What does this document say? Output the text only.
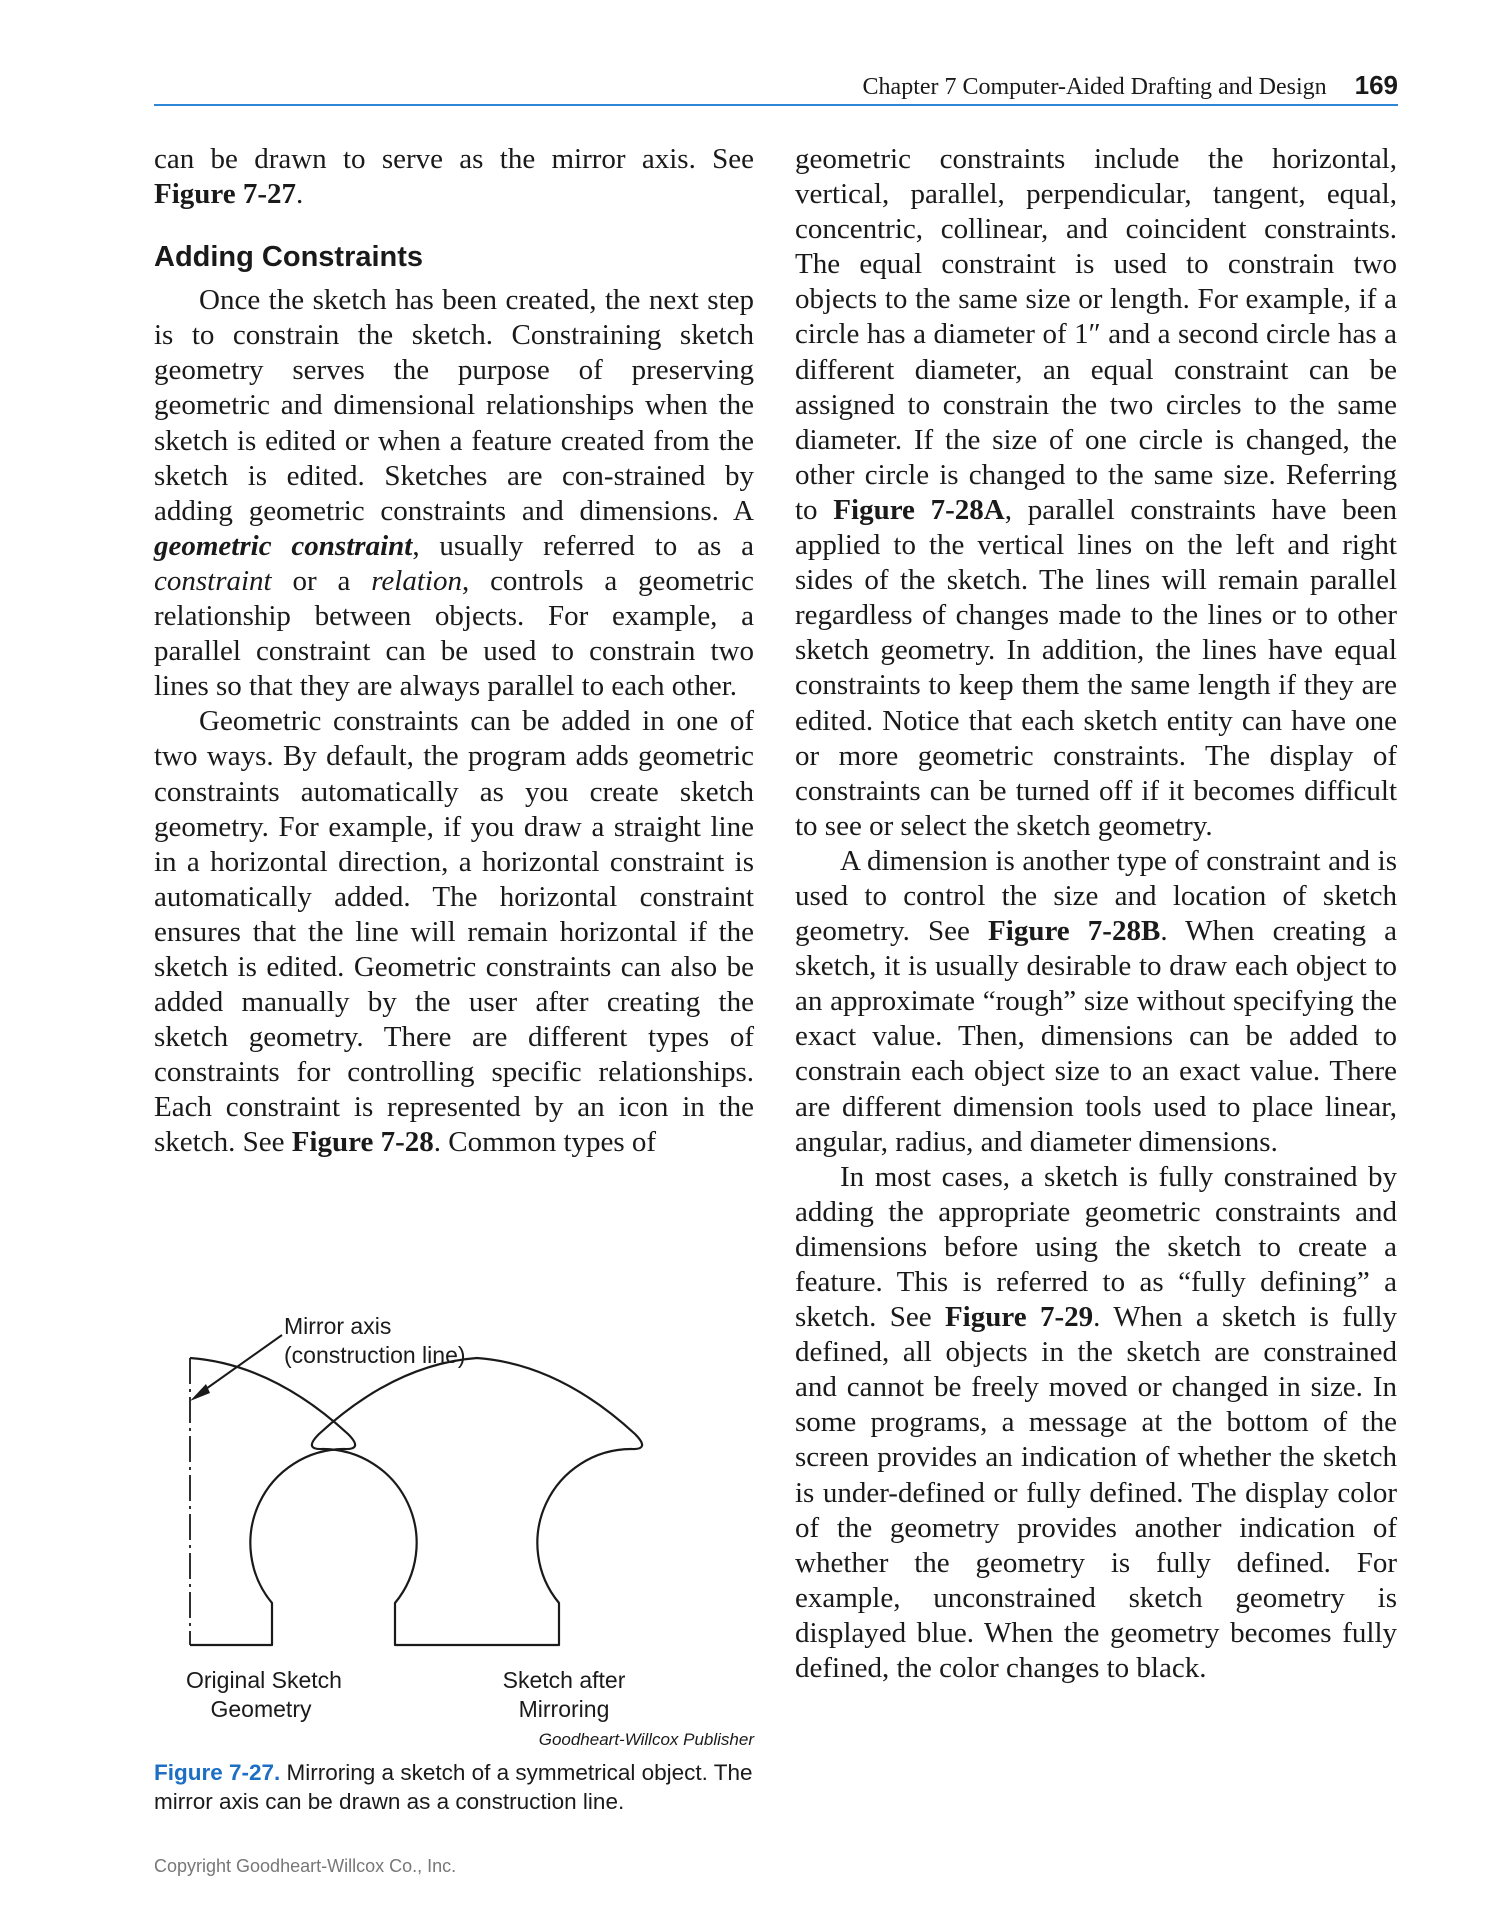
Chapter 7 Computer-Aided Drafting and Design 169

can be drawn to serve as the mirror axis. See Figure 7-27.

Adding Constraints

Once the sketch has been created, the next step is to constrain the sketch. Constraining sketch geometry serves the purpose of preserving geometric and dimensional relationships when the sketch is edited or when a feature created from the sketch is edited. Sketches are con-strained by adding geometric constraints and dimensions. A geometric constraint, usually referred to as a constraint or a relation, controls a geometric relationship between objects. For example, a parallel constraint can be used to constrain two lines so that they are always parallel to each other.

Geometric constraints can be added in one of two ways. By default, the program adds geometric constraints automatically as you create sketch geometry. For example, if you draw a straight line in a horizontal direction, a horizontal constraint is automatically added. The horizontal constraint ensures that the line will remain horizontal if the sketch is edited. Geometric constraints can also be added manually by the user after creating the sketch geometry. There are different types of constraints for controlling specific relationships. Each constraint is represented by an icon in the sketch. See Figure 7-28. Common types of

geometric constraints include the horizontal, vertical, parallel, perpendicular, tangent, equal, concentric, collinear, and coincident constraints. The equal constraint is used to constrain two objects to the same size or length. For example, if a circle has a diameter of 1″ and a second circle has a different diameter, an equal constraint can be assigned to constrain the two circles to the same diameter. If the size of one circle is changed, the other circle is changed to the same size. Referring to Figure 7-28A, parallel constraints have been applied to the vertical lines on the left and right sides of the sketch. The lines will remain parallel regardless of changes made to the lines or to other sketch geometry. In addition, the lines have equal constraints to keep them the same length if they are edited. Notice that each sketch entity can have one or more geometric constraints. The display of constraints can be turned off if it becomes difficult to see or select the sketch geometry.

A dimension is another type of constraint and is used to control the size and location of sketch geometry. See Figure 7-28B. When creating a sketch, it is usually desirable to draw each object to an approximate “rough” size without specifying the exact value. Then, dimensions can be added to constrain each object size to an exact value. There are different dimension tools used to place linear, angular, radius, and diameter dimensions.

In most cases, a sketch is fully constrained by adding the appropriate geometric constraints and dimensions before using the sketch to create a feature. This is referred to as “fully defining” a sketch. See Figure 7-29. When a sketch is fully defined, all objects in the sketch are constrained and cannot be freely moved or changed in size. In some programs, a message at the bottom of the screen provides an indication of whether the sketch is under-defined or fully defined. The display color of the geometry provides another indication of whether the geometry is fully defined. For example, unconstrained sketch geometry is displayed blue. When the geometry becomes fully defined, the color changes to black.

Mirror axis
(construction line)
Original Sketch
Geometry
Sketch after
Mirroring
Goodheart-Willcox Publisher
Figure 7-27. Mirroring a sketch of a symmetrical object. The mirror axis can be drawn as a construction line.
Copyright Goodheart-Willcox Co., Inc.
